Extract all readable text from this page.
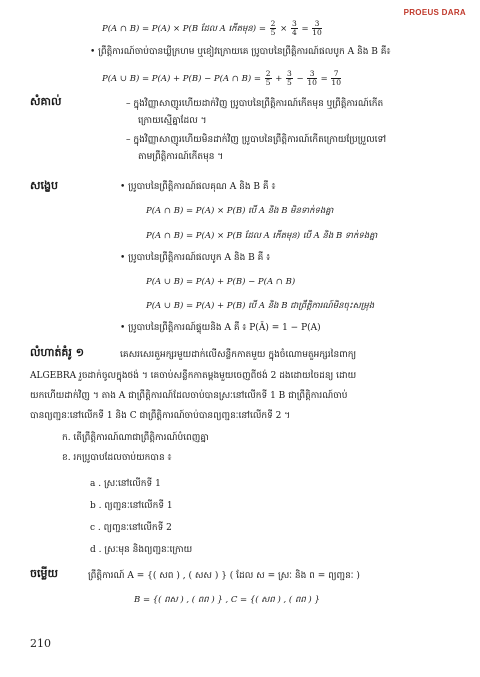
PROEUS DARA
P(A ∩ B) = P(A) × P(B ដែល A កើតមុន) = $\frac{2}{5} \times \frac{3}{4} = \frac{3}{10}$
• ព្រឹត្តិការណ៍ចាប់បានឃ្លីក្រហម ឬខៀវក្រោយគេ ប្រូបាបនៃព្រឹត្តិការណ៍ផលបូក A និង B គឺ៖
P(A ∪ B) = P(A) + P(B) − P(A ∩ $B) = \frac{2}{5} + \frac{3}{5} - \frac{3}{10} = \frac{7}{10}$
សំគាល់	– ក្នុងវិញ្ញាសាញូរហើយដាក់វិញ ប្រូបាបនៃព្រឹត្តិការណ៍កើតមុន ឬព្រឹត្តិការណ៍កើត
ក្រោយស្មើគ្នាដែល ។
– ក្នុងវិញ្ញាសាញូរហើយមិនដាក់វិញ ប្រូបាបនៃព្រឹត្តិការណ៍កើតក្រោយប្រែប្រួលទៅ
តាមព្រឹត្តិការណ៍កើតមុន ។
សង្ខេប	• ប្រូបាបនៃព្រឹត្តិការណ៍ផលគុណ A និង B គឺ ៖
P(A ∩ B) = P(A) × P(B) បើ A និង B មិនទាក់ទងគ្នា
P(A ∩ B) = P(A) × P(B ដែល A កើតមុន) បើ A និង B ទាក់ទងគ្នា
• ប្រូបាបនៃព្រឹត្តិការណ៍ផលបូក A និង B គឺ ៖
P(A ∪ B) = P(A) + P(B) − P(A ∩ B)
P(A ∪ B) = P(A) + P(B) បើ A និង B ជាព្រឹត្តិការណ៍មិនចុះសម្រុង
• ប្រូបាបនៃព្រឹត្តិការណ៍ផ្ទុយនិង A គឺ ៖ P(Ā) = 1 − P(A)
លំហាត់គំរូ ១	គេសរសេរតួអក្សរមួយដាក់លើសន្លឹកកាតមួយ ក្នុងចំណោមតួអក្សរនៃពាក្យ
ALGEBRA រួចដាក់ចូលក្នុងថង់ ។ គេចាប់សន្លឹកកាតម្តងមួយចេញពីថង់ 2 ដងដោយចៃដន្យ ដោយ
យកហើយដាក់វិញ ។ តាង A ជាព្រឹត្តិការណ៍ដែលចាប់បានស្រៈនៅលើកទី 1 B ជាព្រឹត្តិការណ៍ចាប់
បានព្យញ្ជនៈនៅលើកទី 1 និង C ជាព្រឹត្តិការណ៍ចាប់បានព្យញ្ជនៈនៅលើកទី 2 ។
ក. តើព្រឹត្តិការណ៍ណាជាព្រឹត្តិការណ៍បំពេញគ្នា
ខ. រកប្រូបាបដែលចាប់យកបាន ៖
a . ស្រៈនៅលើកទី 1
b . ព្យញ្ជនៈនៅលើកទី 1
c . ព្យញ្ជនៈនៅលើកទី 2
d . ស្រៈមុន និងព្យញ្ជនៈក្រោយ
ចម្លើយ	ព្រឹត្តិការណ៍ A = {( សព ) , ( សស ) } ( ដែល ស = ស្រៈ និង ព = ព្យញ្ជនៈ )
B = {( ពស ) , ( ពព ) } , C = {( សព ) , ( ពព ) }
210
